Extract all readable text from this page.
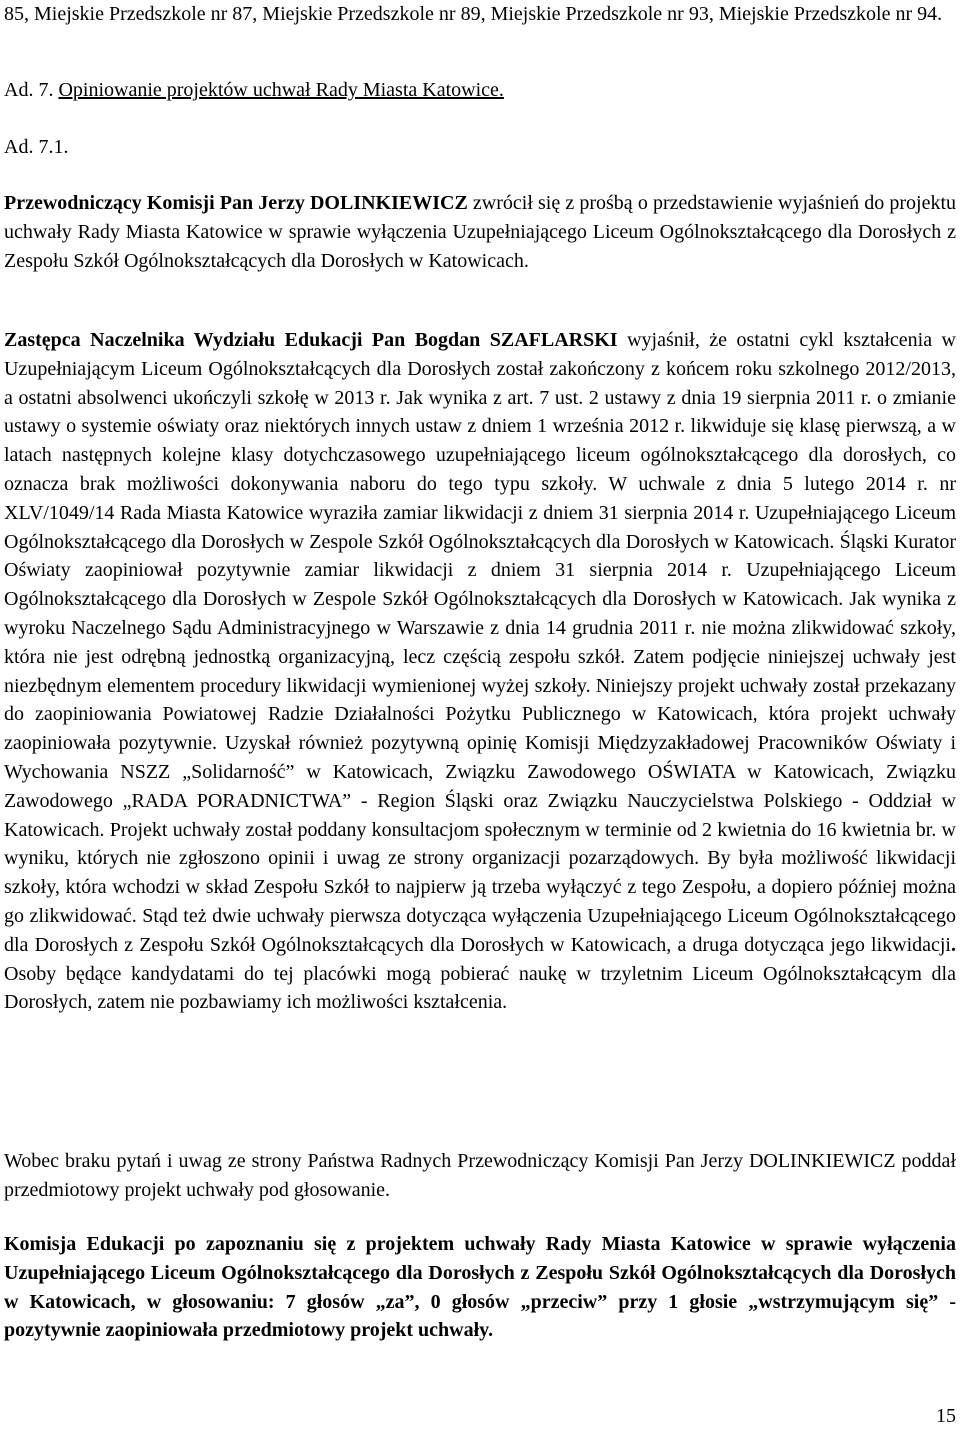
85, Miejskie Przedszkole nr 87, Miejskie Przedszkole nr 89, Miejskie Przedszkole nr 93, Miejskie Przedszkole nr 94.

Ad. 7. Opiniowanie projektów uchwał Rady Miasta Katowice.

Ad. 7.1.

Przewodniczący Komisji Pan Jerzy DOLINKIEWICZ zwrócił się z prośbą o przedstawienie wyjaśnień do projektu uchwały Rady Miasta Katowice w sprawie wyłączenia Uzupełniającego Liceum Ogólnokształcącego dla Dorosłych z Zespołu Szkół Ogólnokształcących dla Dorosłych w Katowicach.

Zastępca Naczelnika Wydziału Edukacji Pan Bogdan SZAFLARSKI wyjaśnił, że ostatni cykl kształcenia w Uzupełniającym Liceum Ogólnokształcących dla Dorosłych został zakończony z końcem roku szkolnego 2012/2013, a ostatni absolwenci ukończyli szkołę w 2013 r. Jak wynika z art. 7 ust. 2 ustawy z dnia 19 sierpnia 2011 r. o zmianie ustawy o systemie oświaty oraz niektórych innych ustaw z dniem 1 września 2012 r. likwiduje się klasę pierwszą, a w latach następnych kolejne klasy dotychczasowego uzupełniającego liceum ogólnokształcącego dla dorosłych, co oznacza brak możliwości dokonywania naboru do tego typu szkoły. W uchwale z dnia 5 lutego 2014 r. nr XLV/1049/14 Rada Miasta Katowice wyraziła zamiar likwidacji z dniem 31 sierpnia 2014 r. Uzupełniającego Liceum Ogólnokształcącego dla Dorosłych w Zespole Szkół Ogólnokształcących dla Dorosłych w Katowicach. Śląski Kurator Oświaty zaopiniował pozytywnie zamiar likwidacji z dniem 31 sierpnia 2014 r. Uzupełniającego Liceum Ogólnokształcącego dla Dorosłych w Zespole Szkół Ogólnokształcących dla Dorosłych w Katowicach. Jak wynika z wyroku Naczelnego Sądu Administracyjnego w Warszawie z dnia 14 grudnia 2011 r. nie można zlikwidować szkoły, która nie jest odrębną jednostką organizacyjną, lecz częścią zespołu szkół. Zatem podjęcie niniejszej uchwały jest niezbędnym elementem procedury likwidacji wymienionej wyżej szkoły. Niniejszy projekt uchwały został przekazany do zaopiniowania Powiatowej Radzie Działalności Pożytku Publicznego w Katowicach, która projekt uchwały zaopiniowała pozytywnie. Uzyskał również pozytywną opinię Komisji Międzyzakładowej Pracowników Oświaty i Wychowania NSZZ „Solidarność” w Katowicach, Związku Zawodowego OŚWIATA w Katowicach, Związku Zawodowego „RADA PORADNICTWA” - Region Śląski oraz Związku Nauczycielstwa Polskiego - Oddział w Katowicach. Projekt uchwały został poddany konsultacjom społecznym w terminie od 2 kwietnia do 16 kwietnia br. w wyniku, których nie zgłoszono opinii i uwag ze strony organizacji pozarządowych. By była możliwość likwidacji szkoły, która wchodzi w skład Zespołu Szkół to najpierw ją trzeba wyłączyć z tego Zespołu, a dopiero później można go zlikwidować. Stąd też dwie uchwały pierwsza dotycząca wyłączenia Uzupełniającego Liceum Ogólnokształcącego dla Dorosłych z Zespołu Szkół Ogólnokształcących dla Dorosłych w Katowicach, a druga dotycząca jego likwidacji. Osoby będące kandydatami do tej placówki mogą pobierać naukę w trzyletnim Liceum Ogólnokształcącym dla Dorosłych, zatem nie pozbawiamy ich możliwości kształcenia.

Wobec braku pytań i uwag ze strony Państwa Radnych Przewodniczący Komisji Pan Jerzy DOLINKIEWICZ poddał przedmiotowy projekt uchwały pod głosowanie.

Komisja Edukacji po zapoznaniu się z projektem uchwały Rady Miasta Katowice w sprawie wyłączenia Uzupełniającego Liceum Ogólnokształcącego dla Dorosłych z Zespołu Szkół Ogólnokształcących dla Dorosłych w Katowicach, w głosowaniu: 7 głosów „za”, 0 głosów „przeciw” przy 1 głosie „wstrzymującym się” - pozytywnie zaopiniowała przedmiotowy projekt uchwały.

15
